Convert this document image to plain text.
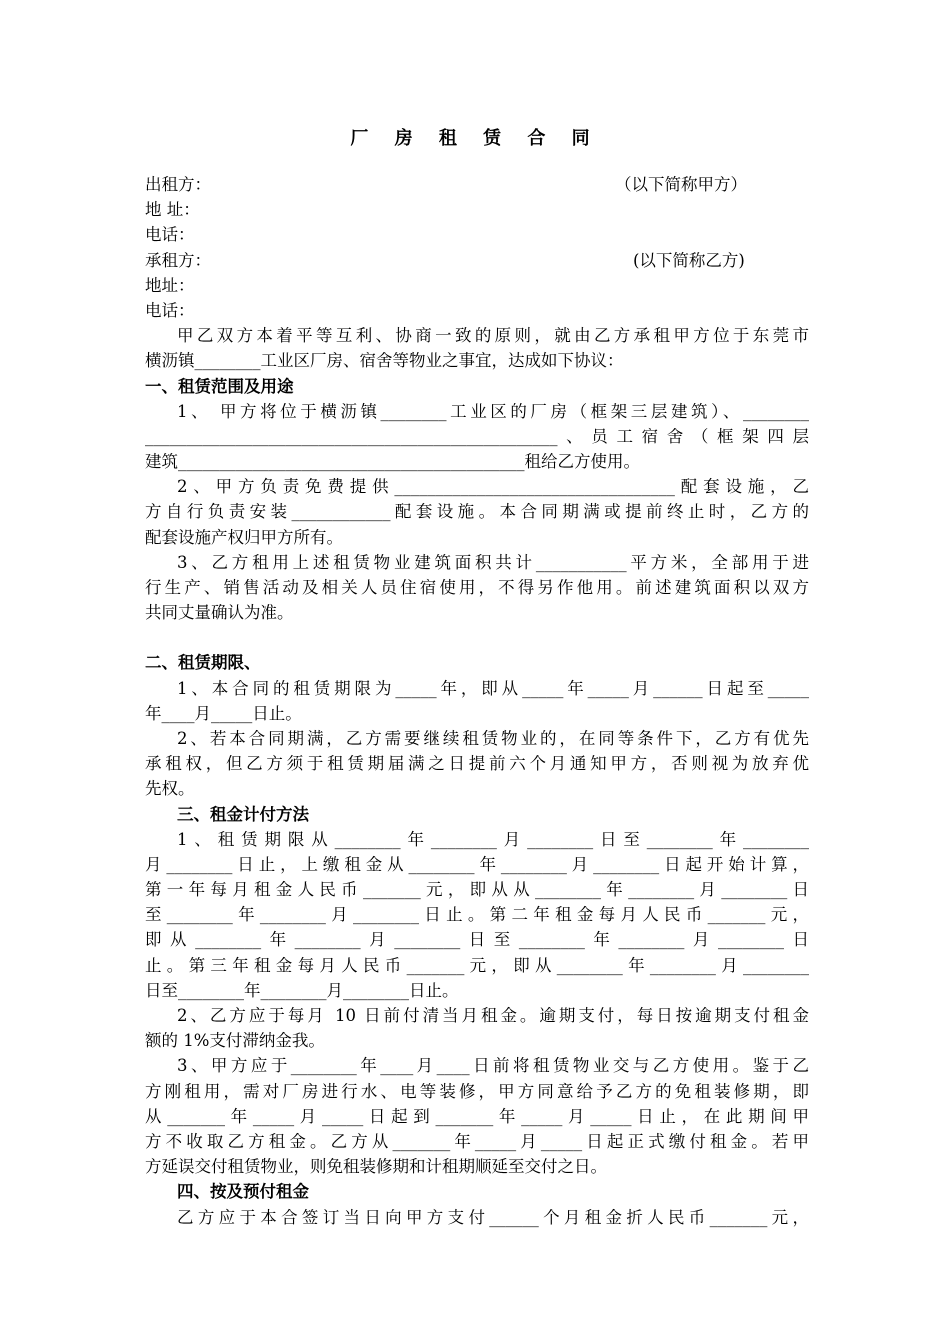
厂 房 租 赁 合 同
出租方：	（以下简称甲方）
地 址：
电话：
承租方：	(以下简称乙方)
地址：
电话：
甲乙双方本着平等互利、协商一致的原则，就由乙方承租甲方位于东莞市
横沥镇________工业区厂房、宿舍等物业之事宜，达成如下协议：
一、租赁范围及用途
1、 甲方将位于横沥镇________工业区的厂房（框架三层建筑）、________
__________________________________________________、员工宿舍（框架四层
建筑__________________________________________租给乙方使用。
2、甲方负责免费提供__________________________________配套设施，乙
方自行负责安装____________配套设施。本合同期满或提前终止时，乙方的
配套设施产权归甲方所有。
3、乙方租用上述租赁物业建筑面积共计___________平方米，全部用于进
行生产、销售活动及相关人员住宿使用，不得另作他用。前述建筑面积以双方
共同丈量确认为准。
二、租赁期限、
1、本合同的租赁期限为_____年，即从_____年_____月______日起至_____
年____月_____日止。
2、若本合同期满，乙方需要继续租赁物业的，在同等条件下，乙方有优先
承租权，但乙方须于租赁期届满之日提前六个月通知甲方，否则视为放弃优
先权。
三、租金计付方法
1、租赁期限从________年________月________日至________年________
月________日止，上缴租金从________年________月________日起开始计算，
第一年每月租金人民币_______元，即从从________年________月________日
至________年________月________日止。第二年租金每月人民币_______元，
即从________年________月________日至________年________月________日
止。第三年租金每月人民币_______元，即从________年________月________
日至________年________月________日止。
2、乙方应于每月 10 日前付清当月租金。逾期支付，每日按逾期支付租金
额的 1%支付滞纳金我。
3、甲方应于________年____月____日前将租赁物业交与乙方使用。鉴于乙
方刚租用，需对厂房进行水、电等装修，甲方同意给予乙方的免租装修期，即
从_______年_____月_____日起到_______年_____月_____日止，在此期间甲
方不收取乙方租金。乙方从_______年_____月_____日起正式缴付租金。若甲
方延误交付租赁物业，则免租装修期和计租期顺延至交付之日。
四、按及预付租金
乙方应于本合签订当日向甲方支付______个月租金折人民币_______元，
